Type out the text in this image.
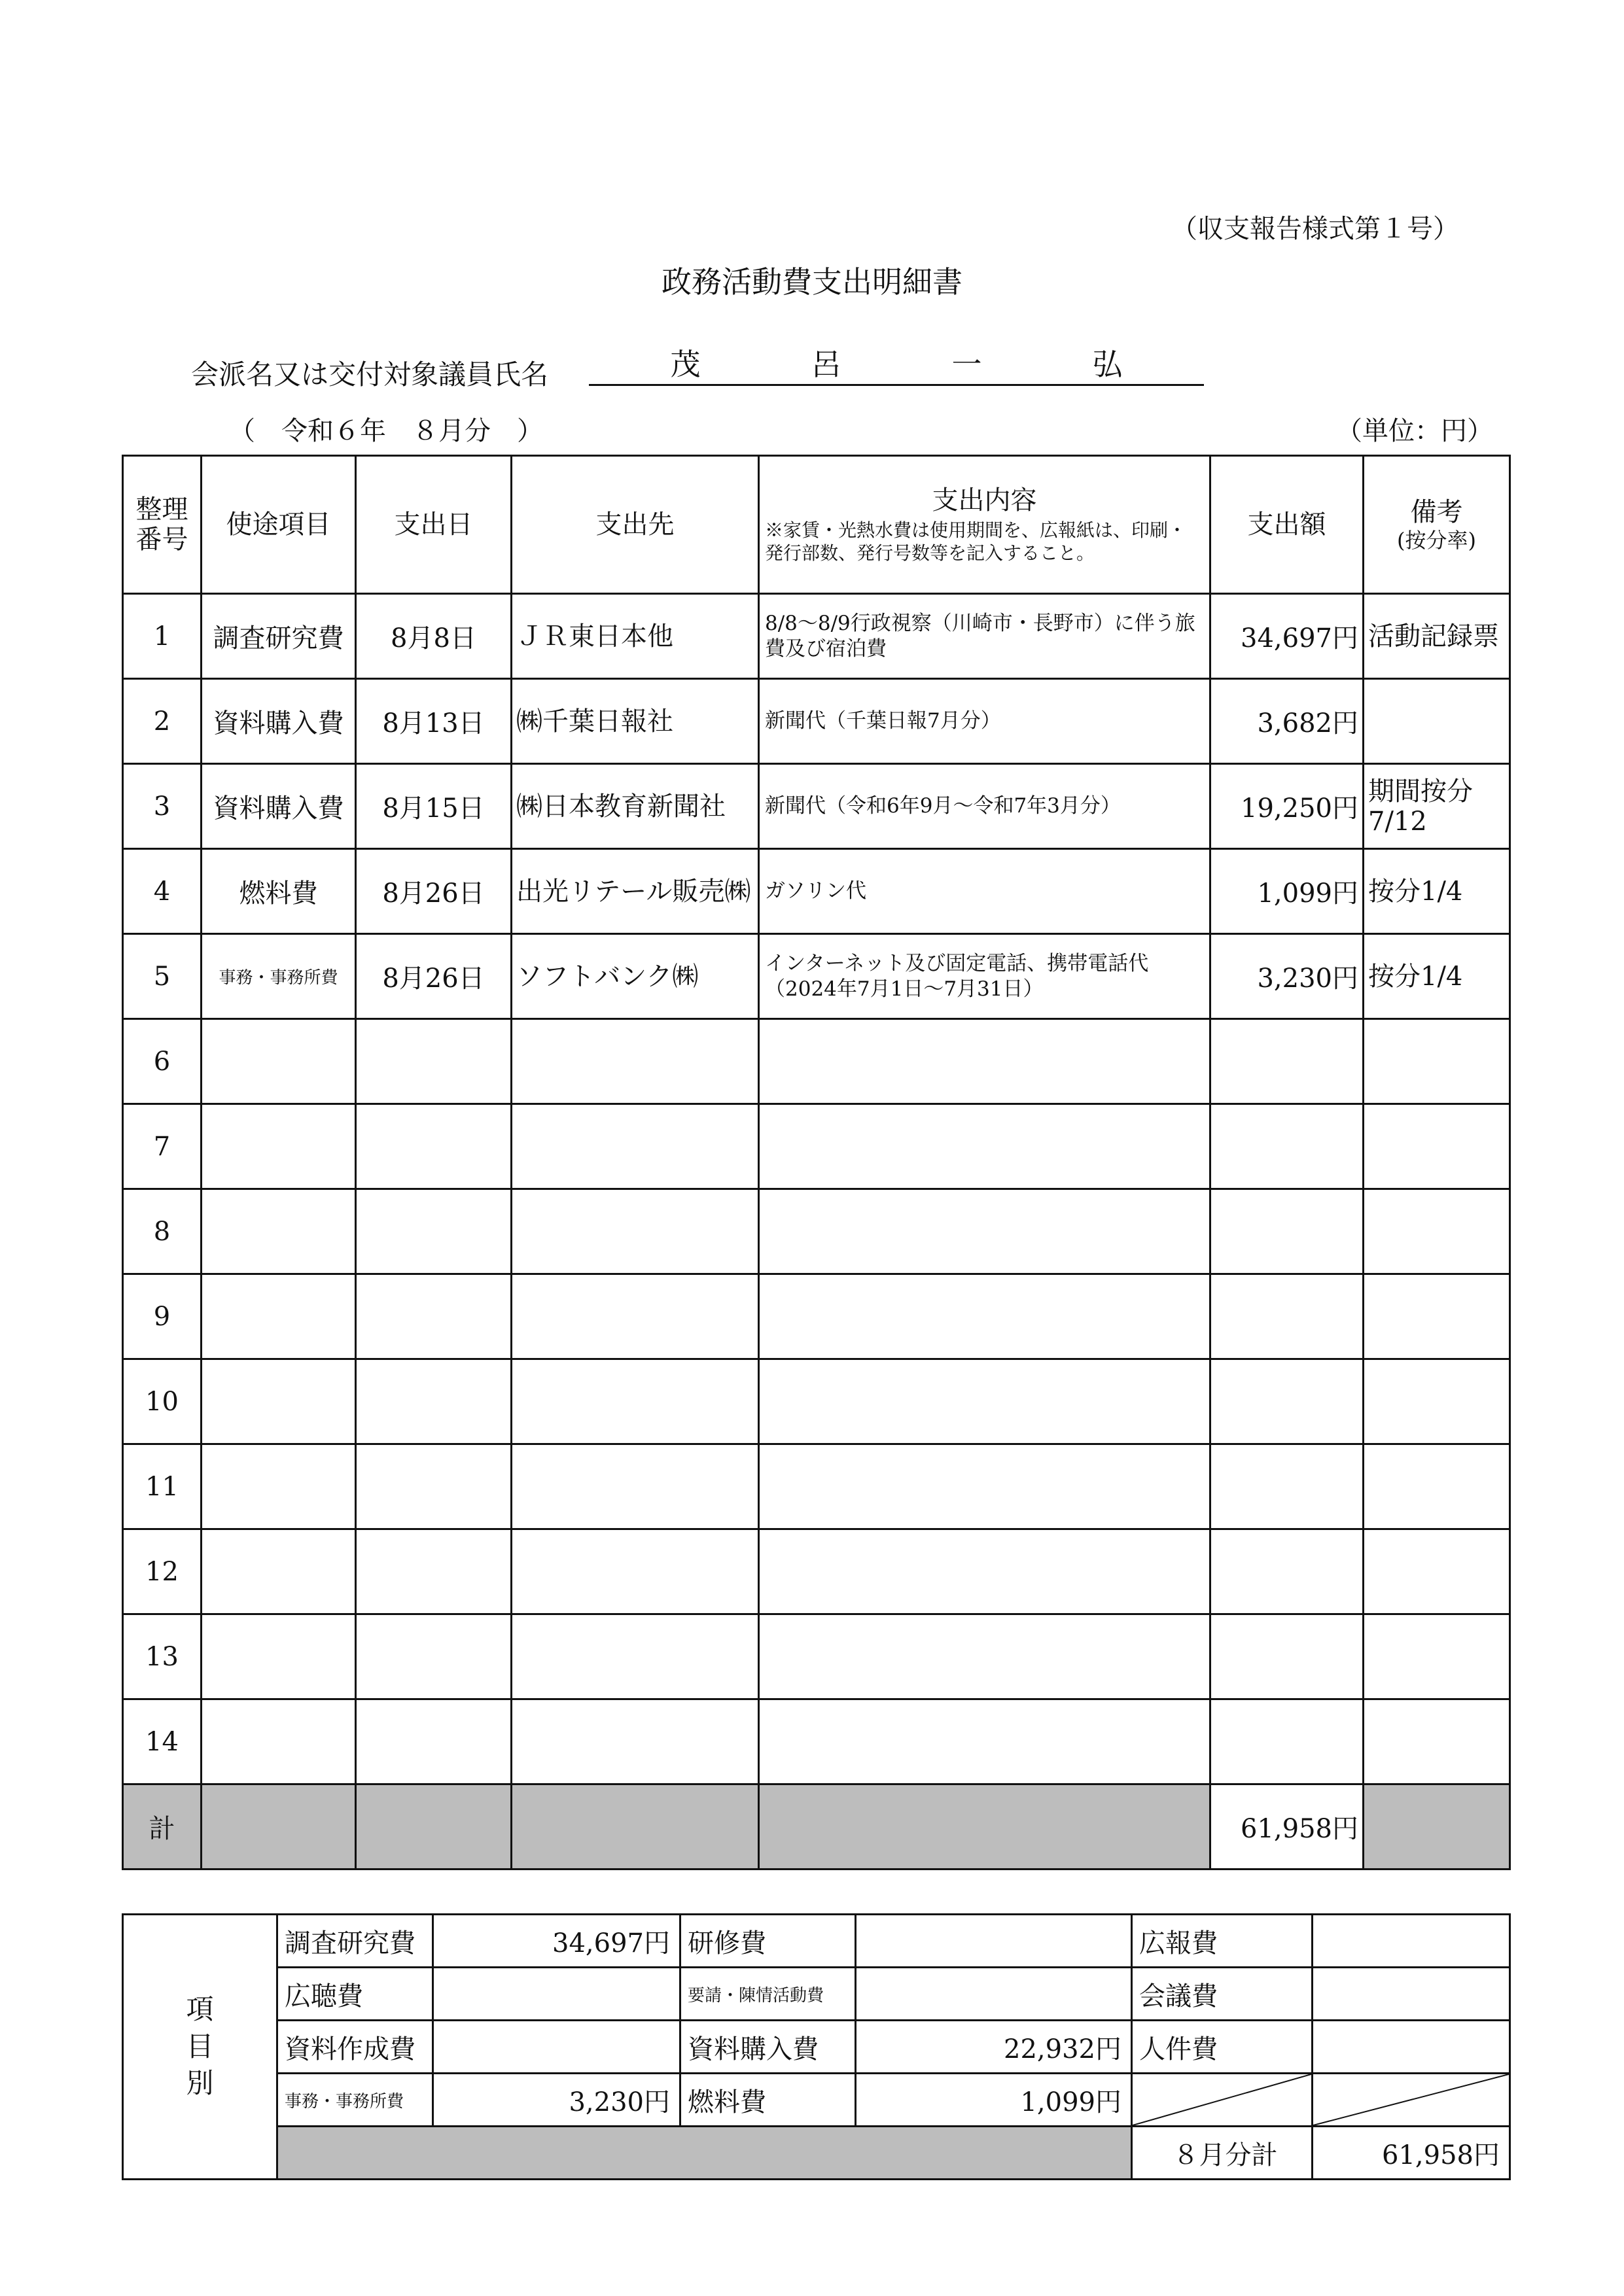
（収支報告様式第１号）
政務活動費支出明細書
会派名又は交付対象議員氏名	茂	呂	一	弘
（　令和６年　８月分　）	（単位：円）
整理番号	使途項目	支出日	支出先	支出内容
※家賃・光熱水費は使用期間を、広報紙は、印刷・発行部数、発行号数等を記入すること。	支出額	備考
(按分率)

1	調査研究費	8月8日	ＪＲ東日本他	8/8～8/9行政視察（川崎市・長野市）に伴う旅費及び宿泊費	34,697円	活動記録票
2	資料購入費	8月13日	㈱千葉日報社	新聞代（千葉日報7月分）	3,682円	
3	資料購入費	8月15日	㈱日本教育新聞社	新聞代（令和6年9月～令和7年3月分）	19,250円	期間按分7/12
4	燃料費	8月26日	出光リテール販売㈱	ガソリン代	1,099円	按分1/4
5	事務・事務所費	8月26日	ソフトバンク㈱	インターネット及び固定電話、携帯電話代（2024年7月1日～7月31日）	3,230円	按分1/4
6						
7						
8						
9						
10						
11						
12						
13						
14						
計					61,958円	
項
目
別	調査研究費	34,697円	研修費		広報費	
	広聴費		要請・陳情活動費		会議費	
	資料作成費		資料購入費	22,932円	人件費	
	事務・事務所費	3,230円	燃料費	1,099円	

					８月分計	61,958円
